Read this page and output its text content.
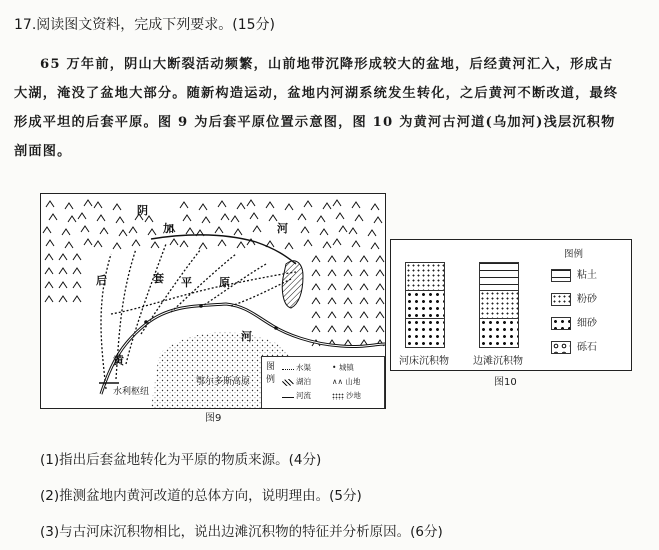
17.阅读图文资料，完成下列要求。(15分)
65 万年前，阴山大断裂活动频繁，山前地带沉降形成较大的盆地，后经黄河汇入，形成古
大湖，淹没了盆地大部分。随新构造运动，盆地内河湖系统发生转化，之后黄河不断改道，最终
形成平坦的后套平原。图 9 为后套平原位置示意图，图 10 为黄河古河道(乌加河)浅层沉积物
剖面图。
阴
加	河
后	套 平 原
黄
河
水利枢纽
鄂尔多斯高原
图例
水渠
湖泊
河流
• 城镇
∧∧ 山地
沙地
图9
河床沉积物 边滩沉积物
图例
粘土
粉砂
细砂
砾石
图10
(1)指出后套盆地转化为平原的物质来源。(4分)
(2)推测盆地内黄河改道的总体方向，说明理由。(5分)
(3)与古河床沉积物相比，说出边滩沉积物的特征并分析原因。(6分)
